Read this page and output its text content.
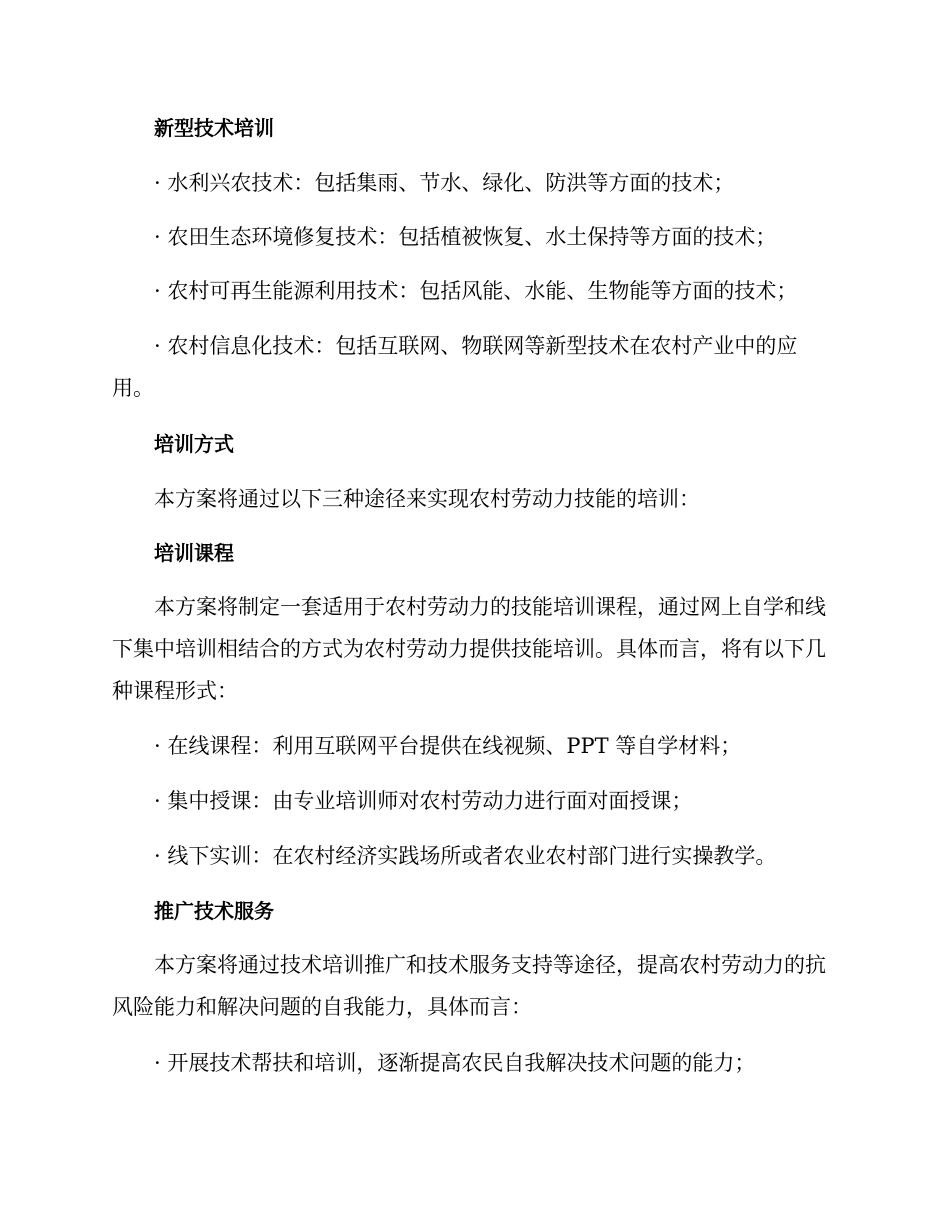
新型技术培训

· 水利兴农技术：包括集雨、节水、绿化、防洪等方面的技术；

· 农田生态环境修复技术：包括植被恢复、水土保持等方面的技术；

· 农村可再生能源利用技术：包括风能、水能、生物能等方面的技术；

· 农村信息化技术：包括互联网、物联网等新型技术在农村产业中的应用。

培训方式

本方案将通过以下三种途径来实现农村劳动力技能的培训：

培训课程

本方案将制定一套适用于农村劳动力的技能培训课程，通过网上自学和线下集中培训相结合的方式为农村劳动力提供技能培训。具体而言，将有以下几种课程形式：

· 在线课程：利用互联网平台提供在线视频、PPT 等自学材料；

· 集中授课：由专业培训师对农村劳动力进行面对面授课；

· 线下实训：在农村经济实践场所或者农业农村部门进行实操教学。

推广技术服务

本方案将通过技术培训推广和技术服务支持等途径，提高农村劳动力的抗风险能力和解决问题的自我能力，具体而言：

· 开展技术帮扶和培训，逐渐提高农民自我解决技术问题的能力；
